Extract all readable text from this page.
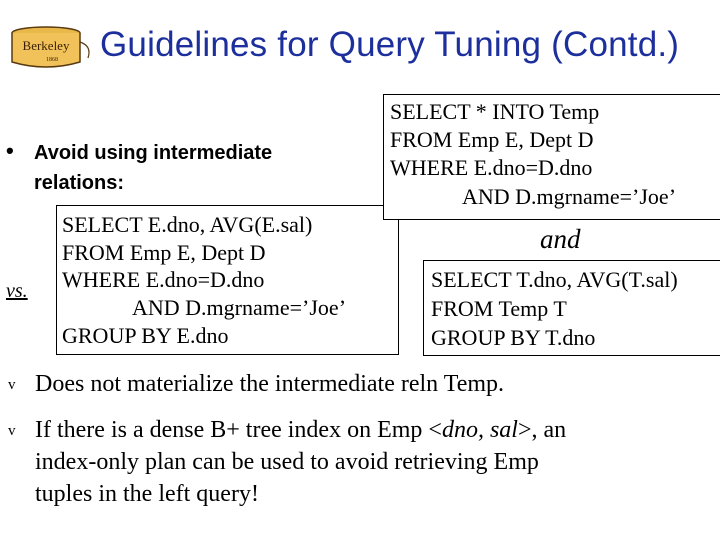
Berkeley
1868 Guidelines for Query Tuning (Contd.)
• Avoid using intermediate
relations:
SELECT E.dno, AVG(E.sal)
FROM Emp E, Dept D
WHERE E.dno=D.dno
AND D.mgrname=’Joe’
GROUP BY E.dno
vs.
SELECT * INTO Temp
FROM Emp E, Dept D
WHERE E.dno=D.dno
AND D.mgrname=’Joe’
and
SELECT T.dno, AVG(T.sal)
FROM Temp T
GROUP BY T.dno
v Does not materialize the intermediate reln Temp.
v If there is a dense B+ tree index on Emp <dno, sal>, an
index-only plan can be used to avoid retrieving Emp
tuples in the left query!
